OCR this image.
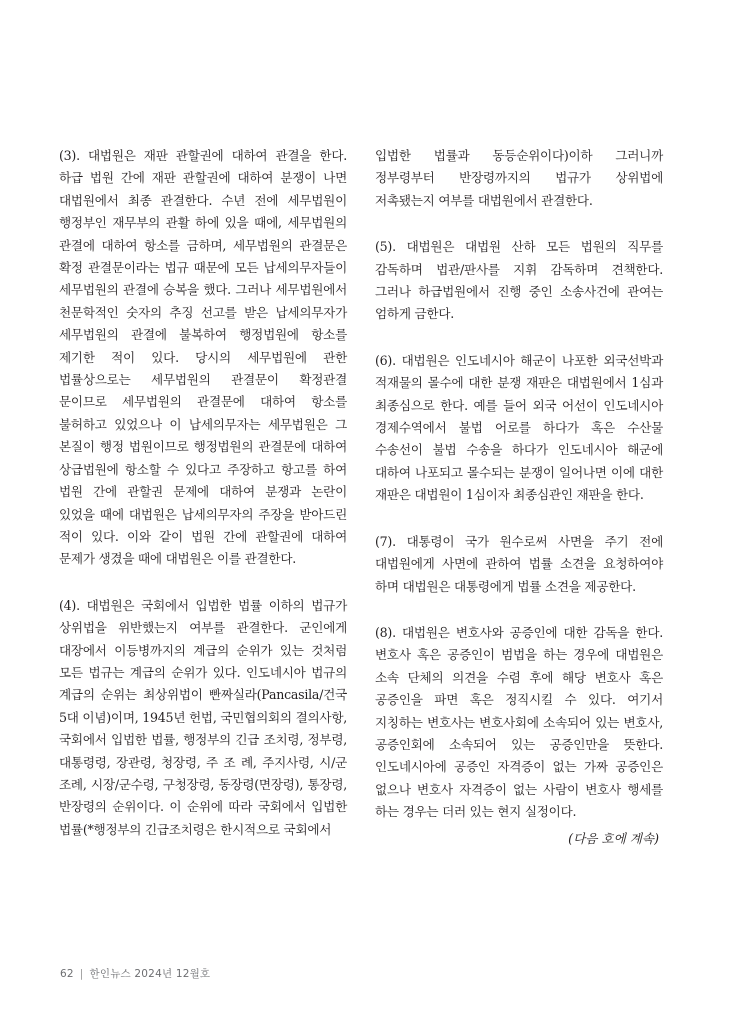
(3). 대법원은 재판 관할권에 대하여 관결을 한다. 하급 법원 간에 재판 관할권에 대하여 분쟁이 나면 대법원에서 최종 관결한다. 수년 전에 세무법원이 행정부인 재무부의 관활 하에 있을 때에, 세무법원의 관결에 대하여 항소를 금하며, 세무법원의 관결문은 확정 관결문이라는 법규 때문에 모든 납세의무자들이 세무법원의 관결에 승복을 했다. 그러나 세무법원에서 천문학적인 숫자의 추징 선고를 받은 납세의무자가 세무법원의 관결에 불복하여 행정법원에 항소를 제기한 적이 있다. 당시의 세무법원에 관한 법률상으로는 세무법원의 관결문이 확정관결 문이므로 세무법원의 관결문에 대하여 항소를 불허하고 있었으나 이 납세의무자는 세무법원은 그 본질이 행정 법원이므로 행정법원의 관결문에 대하여 상급법원에 항소할 수 있다고 주장하고 항고를 하여 법원 간에 관할권 문제에 대하여 분쟁과 논란이 있었을 때에 대법원은 납세의무자의 주장을 받아드린 적이 있다. 이와 같이 법원 간에 관할권에 대하여 문제가 생겼을 때에 대법원은 이를 관결한다.

(4). 대법원은 국회에서 입법한 법률 이하의 법규가 상위법을 위반했는지 여부를 관결한다. 군인에게 대장에서 이등병까지의 계급의 순위가 있는 것처럼 모든 법규는 계급의 순위가 있다. 인도네시아 법규의 계급의 순위는 최상위법이 빤짜실라(Pancasila/건국 5대 이념)이며, 1945년 헌법, 국민협의회의 결의사항, 국회에서 입법한 법률, 행정부의 긴급 조치령, 정부령, 대통령령, 장관령, 청장령, 주 조 례, 주지사령, 시/군 조례, 시장/군수령, 구청장령, 동장령(면장령), 통장령, 반장령의 순위이다. 이 순위에 따라 국회에서 입법한 법률(*행정부의 긴급조치령은 한시적으로 국회에서

입법한 법률과 동등순위이다)이하 그러니까 정부령부터 반장령까지의 법규가 상위법에 저촉됐는지 여부를 대법원에서 관결한다.

(5). 대법원은 대법원 산하 모든 법원의 직무를 감독하며 법관/판사를 지휘 감독하며 견책한다. 그러나 하급법원에서 진행 중인 소송사건에 관여는 엄하게 금한다.

(6). 대법원은 인도네시아 해군이 나포한 외국선박과 적재물의 몰수에 대한 분쟁 재판은 대법원에서 1심과 최종심으로 한다. 예를 들어 외국 어선이 인도네시아 경제수역에서 불법 어로를 하다가 혹은 수산물 수송선이 불법 수송을 하다가 인도네시아 해군에 대하여 나포되고 몰수되는 분쟁이 일어나면 이에 대한 재판은 대법원이 1심이자 최종심관인 재판을 한다.

(7). 대통령이 국가 원수로써 사면을 주기 전에 대법원에게 사면에 관하여 법률 소견을 요청하여야 하며 대법원은 대통령에게 법률 소견을 제공한다.

(8). 대법원은 변호사와 공증인에 대한 감독을 한다. 변호사 혹은 공증인이 범법을 하는 경우에 대법원은 소속 단체의 의견을 수렴 후에 해당 변호사 혹은 공증인을 파면 혹은 정직시킬 수 있다. 여기서 지칭하는 변호사는 변호사회에 소속되어 있는 변호사, 공증인회에 소속되어 있는 공증인만을 뜻한다. 인도네시아에 공증인 자격증이 없는 가짜 공증인은 없으나 변호사 자격증이 없는 사람이 변호사 행세를 하는 경우는 더러 있는 현지 실정이다.

(다음 호에 계속)
62 | 한인뉴스 2024년 12월호
